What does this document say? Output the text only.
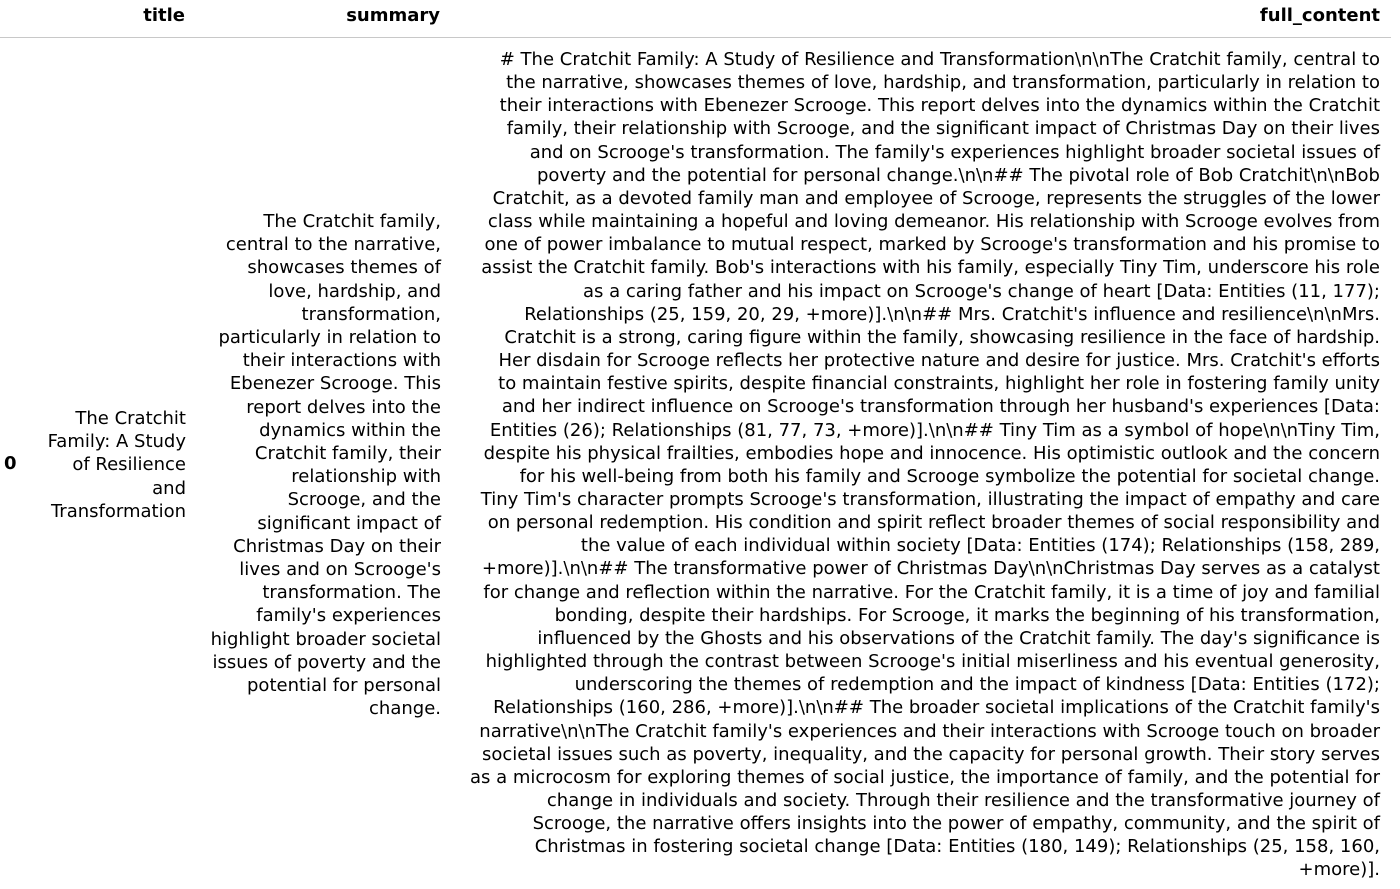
title	summary	full_content
0
The Cratchit
Family: A Study
of Resilience
and
Transformation
The Cratchit family,
central to the narrative,
showcases themes of
love, hardship, and
transformation,
particularly in relation to
their interactions with
Ebenezer Scrooge. This
report delves into the
dynamics within the
Cratchit family, their
relationship with
Scrooge, and the
significant impact of
Christmas Day on their
lives and on Scrooge's
transformation. The
family's experiences
highlight broader societal
issues of poverty and the
potential for personal
change.
# The Cratchit Family: A Study of Resilience and Transformation\n\nThe Cratchit family, central to
the narrative, showcases themes of love, hardship, and transformation, particularly in relation to
their interactions with Ebenezer Scrooge. This report delves into the dynamics within the Cratchit
family, their relationship with Scrooge, and the significant impact of Christmas Day on their lives
and on Scrooge's transformation. The family's experiences highlight broader societal issues of
poverty and the potential for personal change.\n\n## The pivotal role of Bob Cratchit\n\nBob
Cratchit, as a devoted family man and employee of Scrooge, represents the struggles of the lower
class while maintaining a hopeful and loving demeanor. His relationship with Scrooge evolves from
one of power imbalance to mutual respect, marked by Scrooge's transformation and his promise to
assist the Cratchit family. Bob's interactions with his family, especially Tiny Tim, underscore his role
as a caring father and his impact on Scrooge's change of heart [Data: Entities (11, 177);
Relationships (25, 159, 20, 29, +more)].\n\n## Mrs. Cratchit's influence and resilience\n\nMrs.
Cratchit is a strong, caring figure within the family, showcasing resilience in the face of hardship.
Her disdain for Scrooge reflects her protective nature and desire for justice. Mrs. Cratchit's efforts
to maintain festive spirits, despite financial constraints, highlight her role in fostering family unity
and her indirect influence on Scrooge's transformation through her husband's experiences [Data:
Entities (26); Relationships (81, 77, 73, +more)].\n\n## Tiny Tim as a symbol of hope\n\nTiny Tim,
despite his physical frailties, embodies hope and innocence. His optimistic outlook and the concern
for his well-being from both his family and Scrooge symbolize the potential for societal change.
Tiny Tim's character prompts Scrooge's transformation, illustrating the impact of empathy and care
on personal redemption. His condition and spirit reflect broader themes of social responsibility and
the value of each individual within society [Data: Entities (174); Relationships (158, 289,
+more)].\n\n## The transformative power of Christmas Day\n\nChristmas Day serves as a catalyst
for change and reflection within the narrative. For the Cratchit family, it is a time of joy and familial
bonding, despite their hardships. For Scrooge, it marks the beginning of his transformation,
influenced by the Ghosts and his observations of the Cratchit family. The day's significance is
highlighted through the contrast between Scrooge's initial miserliness and his eventual generosity,
underscoring the themes of redemption and the impact of kindness [Data: Entities (172);
Relationships (160, 286, +more)].\n\n## The broader societal implications of the Cratchit family's
narrative\n\nThe Cratchit family's experiences and their interactions with Scrooge touch on broader
societal issues such as poverty, inequality, and the capacity for personal growth. Their story serves
as a microcosm for exploring themes of social justice, the importance of family, and the potential for
change in individuals and society. Through their resilience and the transformative journey of
Scrooge, the narrative offers insights into the power of empathy, community, and the spirit of
Christmas in fostering societal change [Data: Entities (180, 149); Relationships (25, 158, 160,
+more)].
